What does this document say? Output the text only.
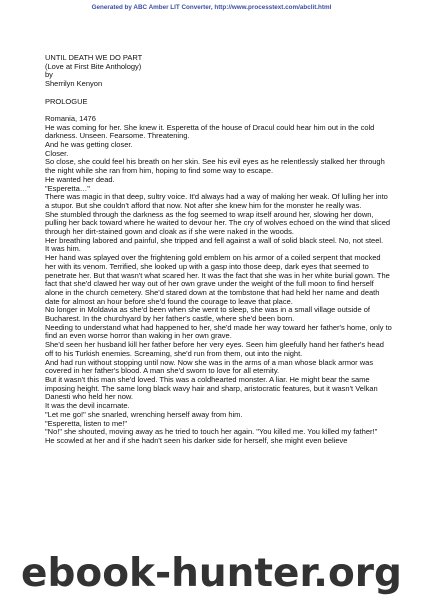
Generated by ABC Amber LIT Converter, http://www.processtext.com/abclit.html

UNTIL DEATH WE DO PART

(Love at First Bite Anthology)

by

Sherrilyn Kenyon

PROLOGUE

Romania, 1476

He was coming for her. She knew it. Esperetta of the house of Dracul could hear him out in the cold darkness. Unseen. Fearsome. Threatening.

And he was getting closer.

Closer.

So close, she could feel his breath on her skin. See his evil eyes as he relentlessly stalked her through the night while she ran from him, hoping to find some way to escape.

He wanted her dead.

"Esperetta…"

There was magic in that deep, sultry voice. It'd always had a way of making her weak. Of lulling her into a stupor. But she couldn't afford that now. Not after she knew him for the monster he really was.

She stumbled through the darkness as the fog seemed to wrap itself around her, slowing her down, pulling her back toward where he waited to devour her. The cry of wolves echoed on the wind that sliced through her dirt-stained gown and cloak as if she were naked in the woods.

Her breathing labored and painful, she tripped and fell against a wall of solid black steel. No, not steel.

It was him.

Her hand was splayed over the frightening gold emblem on his armor of a coiled serpent that mocked her with its venom. Terrified, she looked up with a gasp into those deep, dark eyes that seemed to penetrate her. But that wasn't what scared her. It was the fact that she was in her white burial gown. The fact that she'd clawed her way out of her own grave under the weight of the full moon to find herself alone in the church cemetery. She'd stared down at the tombstone that had held her name and death date for almost an hour before she'd found the courage to leave that place.

No longer in Moldavia as she'd been when she went to sleep, she was in a small village outside of Bucharest. In the churchyard by her father's castle, where she'd been born.

Needing to understand what had happened to her, she'd made her way toward her father's home, only to find an even worse horror than waking in her own grave.

She'd seen her husband kill her father before her very eyes. Seen him gleefully hand her father's head off to his Turkish enemies. Screaming, she'd run from them, out into the night.

And had run without stopping until now. Now she was in the arms of a man whose black armor was covered in her father's blood. A man she'd sworn to love for all eternity.

But it wasn't this man she'd loved. This was a coldhearted monster. A liar. He might bear the same imposing height. The same long black wavy hair and sharp, aristocratic features, but it wasn't Velkan Danesti who held her now.

It was the devil incarnate.

"Let me go!" she snarled, wrenching herself away from him.

"Esperetta, listen to me!"

"No!" she shouted, moving away as he tried to touch her again. "You killed me. You killed my father!"

He scowled at her and if she hadn't seen his darker side for herself, she might even believe

ebook-hunter.org
